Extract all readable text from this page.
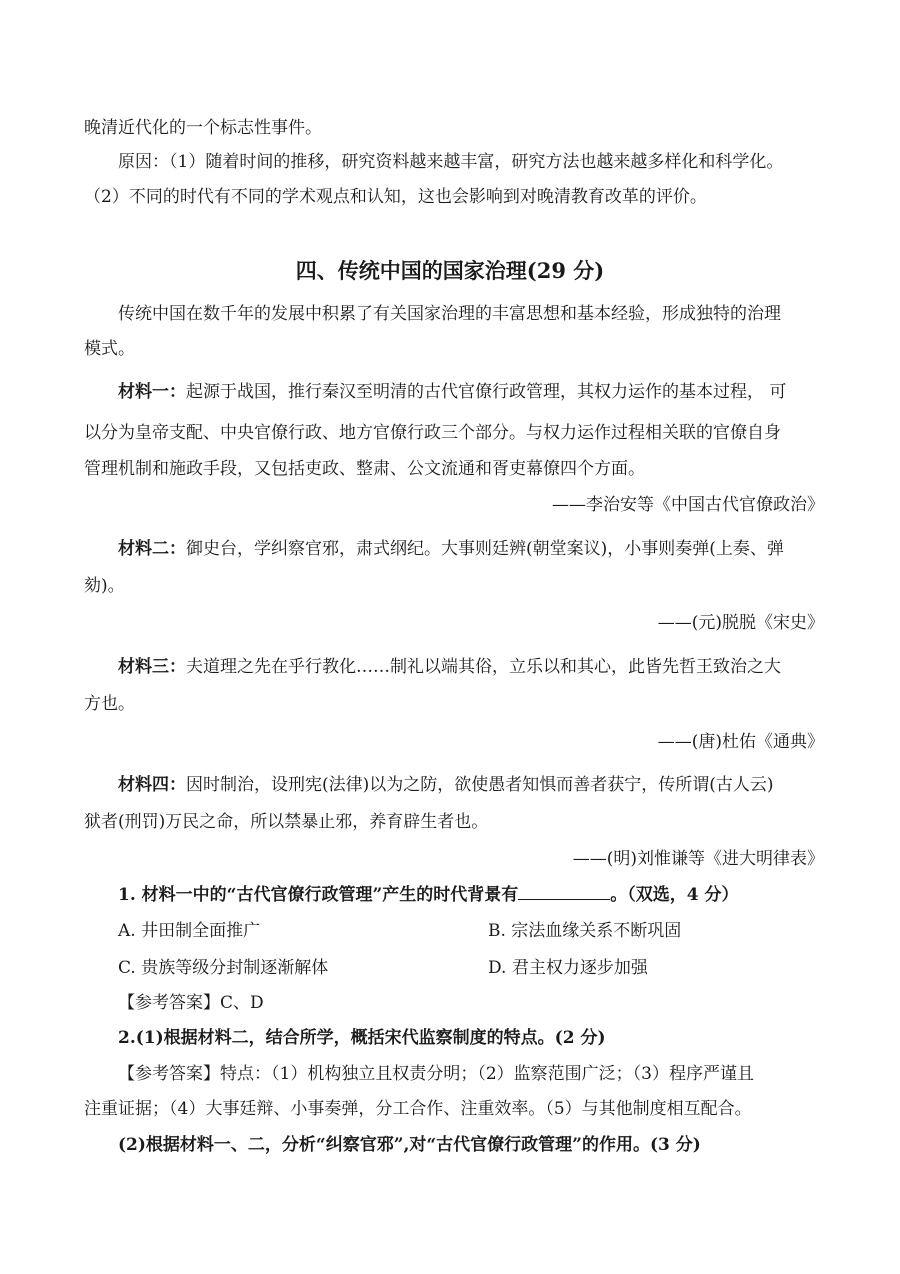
晚清近代化的一个标志性事件。
原因：（1）随着时间的推移，研究资料越来越丰富，研究方法也越来越多样化和科学化。
（2）不同的时代有不同的学术观点和认知，这也会影响到对晚清教育改革的评价。
四、传统中国的国家治理(29 分)
传统中国在数千年的发展中积累了有关国家治理的丰富思想和基本经验，形成独特的治理
模式。
材料一：起源于战国，推行秦汉至明清的古代官僚行政管理，其权力运作的基本过程， 可
以分为皇帝支配、中央官僚行政、地方官僚行政三个部分。与权力运作过程相关联的官僚自身
管理机制和施政手段，又包括吏政、整肃、公文流通和胥吏幕僚四个方面。
——李治安等《中国古代官僚政治》
材料二：御史台，学纠察官邪，肃式纲纪。大事则廷辨(朝堂案议)，小事则奏弹(上奏、弹
劾)。
——(元)脱脱《宋史》
材料三：夫道理之先在乎行教化……制礼以端其俗，立乐以和其心，此皆先哲王致治之大
方也。
——(唐)杜佑《通典》
材料四：因时制治，设刑宪(法律)以为之防，欲使愚者知惧而善者获宁，传所谓(古人云)
狱者(刑罚)万民之命，所以禁暴止邪，养育辟生者也。
——(明)刘惟谦等《进大明律表》
1. 材料一中的“古代官僚行政管理”产生的时代背景有	。（双选，4 分）
A. 井田制全面推广	B. 宗法血缘关系不断巩固
C. 贵族等级分封制逐渐解体	D. 君主权力逐步加强
【参考答案】C、D
2.(1)根据材料二，结合所学，概括宋代监察制度的特点。(2 分)
【参考答案】特点：（1）机构独立且权责分明；（2）监察范围广泛；（3）程序严谨且
注重证据；（4）大事廷辩、小事奏弹，分工合作、注重效率。（5）与其他制度相互配合。
(2)根据材料一、二，分析“纠察官邪”,对“古代官僚行政管理”的作用。(3 分)
